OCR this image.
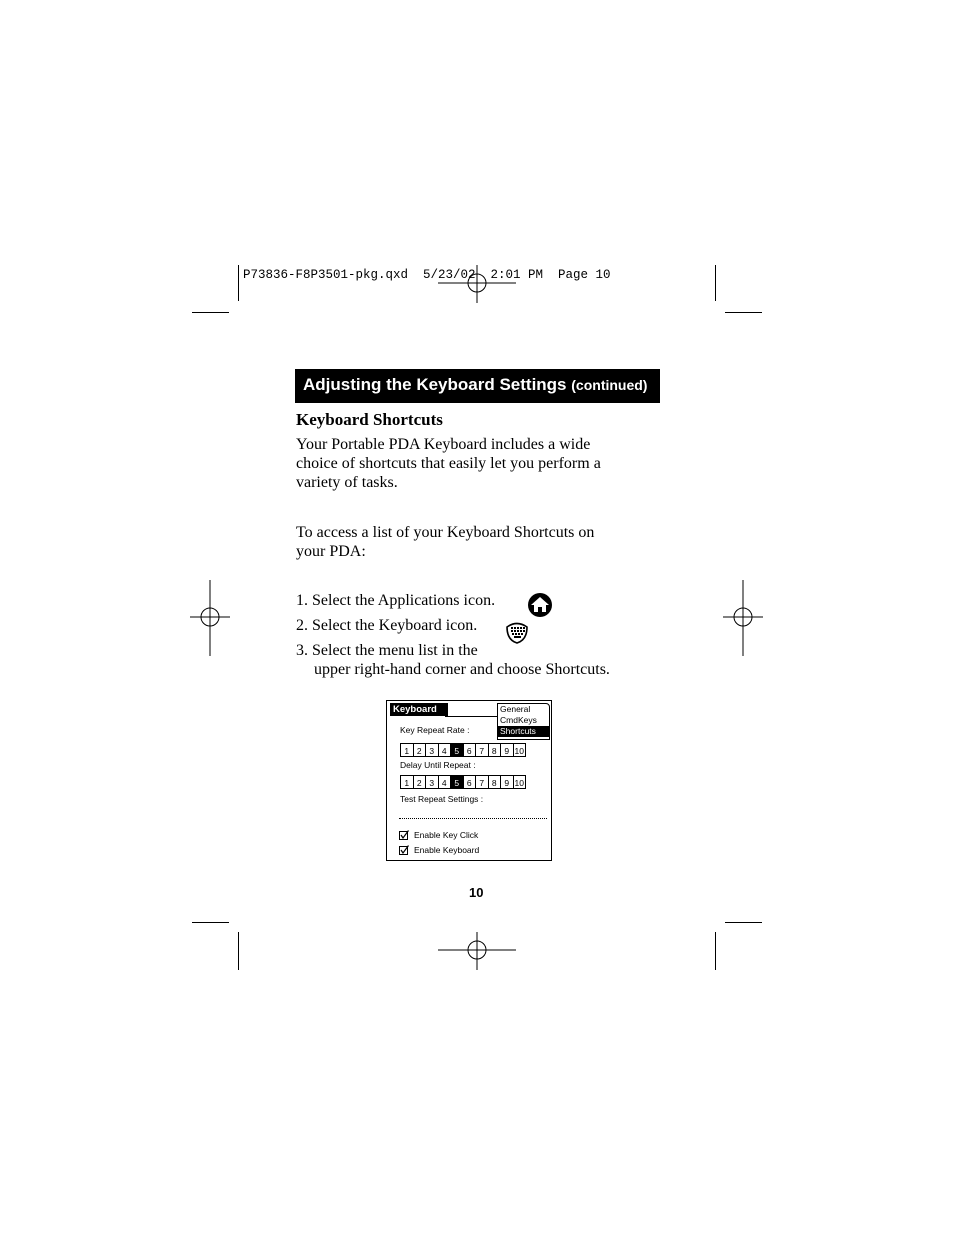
P73836-F8P3501-pkg.qxd  5/23/02  2:01 PM  Page 10
Adjusting the Keyboard Settings (continued)
Keyboard Shortcuts
Your Portable PDA Keyboard includes a wide
choice of shortcuts that easily let you perform a
variety of tasks.
To access a list of your Keyboard Shortcuts on
your PDA:
1. Select the Applications icon.
2. Select the Keyboard icon.
3. Select the menu list in the
upper right-hand corner and choose Shortcuts.
Keyboard	General
CmdKeys
Shortcuts
Key Repeat Rate :
1 2 3 4 5 6 7 8 9 10
Delay Until Repeat :
1 2 3 4 5 6 7 8 9 10
Test Repeat Settings :
Enable Key Click
Enable Keyboard
10
